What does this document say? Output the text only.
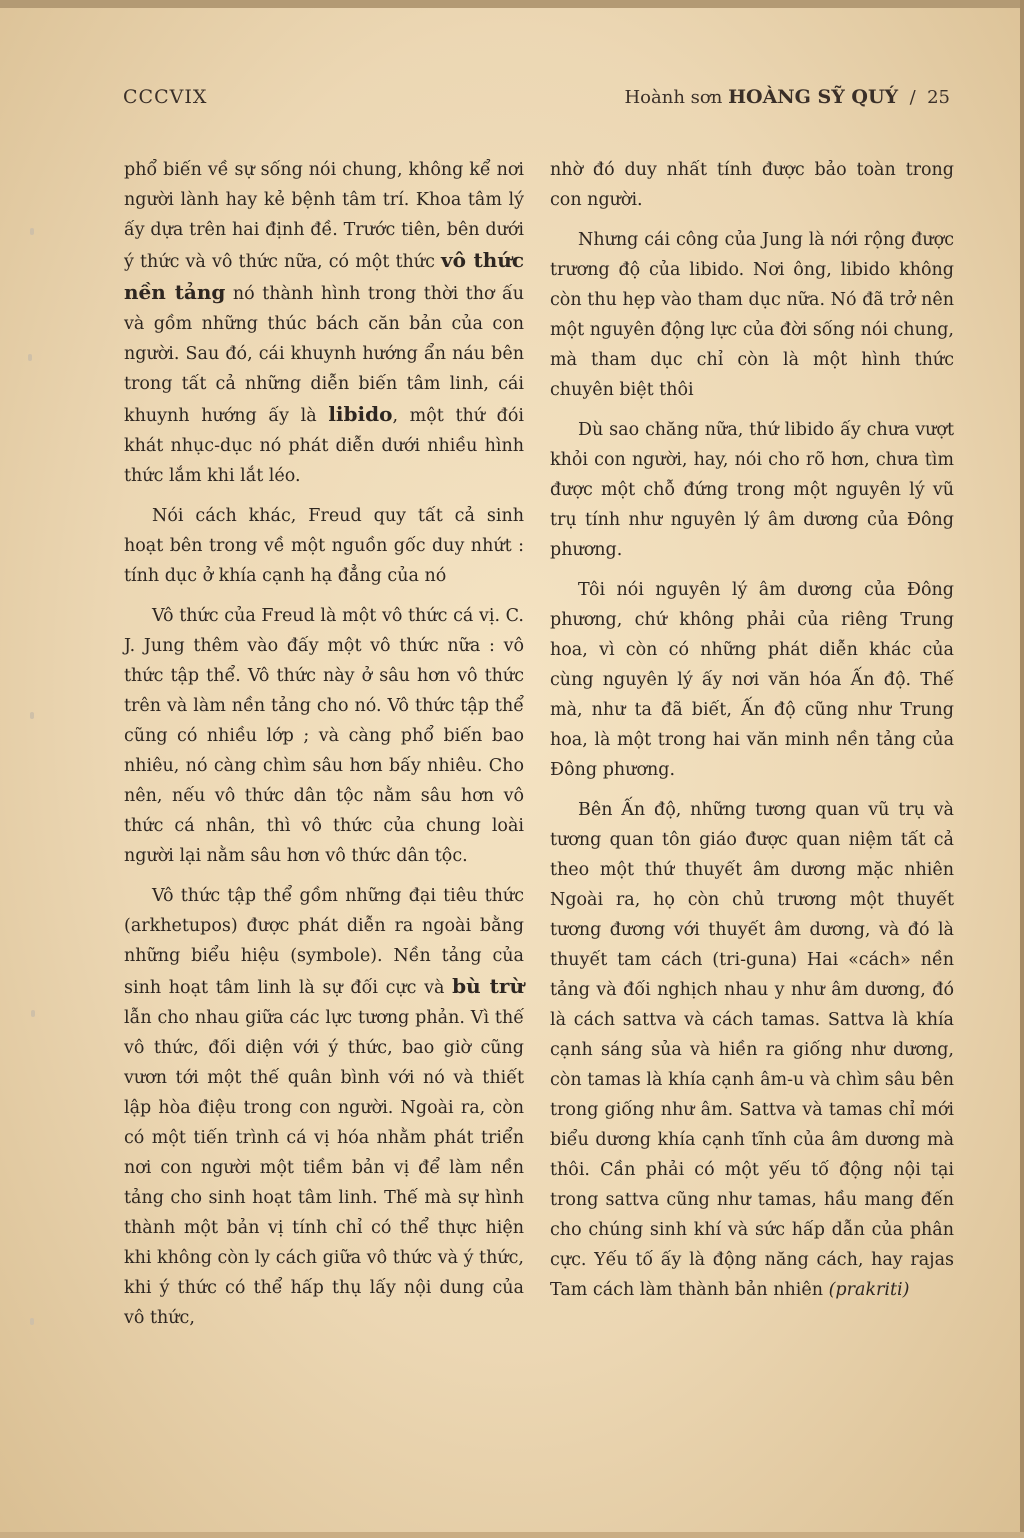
CCCVIX	Hoành sơn HOÀNG SỸ QUÝ / 25

phổ biến về sự sống nói chung, không kể nơi người lành hay kẻ bệnh tâm trí. Khoa tâm lý ấy dựa trên hai định đề. Trước tiên, bên dưới ý thức và vô thức nữa, có một thức vô thức nền tảng nó thành hình trong thời thơ ấu và gồm những thúc bách căn bản của con người. Sau đó, cái khuynh hướng ẩn náu bên trong tất cả những diễn biến tâm linh, cái khuynh hướng ấy là libido, một thứ đói khát nhục-dục nó phát diễn dưới nhiều hình thức lắm khi lắt léo.

Nói cách khác, Freud quy tất cả sinh hoạt bên trong về một nguồn gốc duy nhứt : tính dục ở khía cạnh hạ đẳng của nó

Vô thức của Freud là một vô thức cá vị. C. J. Jung thêm vào đấy một vô thức nữa : vô thức tập thể. Vô thức này ở sâu hơn vô thức trên và làm nền tảng cho nó. Vô thức tập thể cũng có nhiều lớp ; và càng phổ biến bao nhiêu, nó càng chìm sâu hơn bấy nhiêu. Cho nên, nếu vô thức dân tộc nằm sâu hơn vô thức cá nhân, thì vô thức của chung loài người lại nằm sâu hơn vô thức dân tộc.

Vô thức tập thể gồm những đại tiêu thức (arkhetupos) được phát diễn ra ngoài bằng những biểu hiệu (symbole). Nền tảng của sinh hoạt tâm linh là sự đối cực và bù trừ lẫn cho nhau giữa các lực tương phản. Vì thế vô thức, đối diện với ý thức, bao giờ cũng vươn tới một thế quân bình với nó và thiết lập hòa điệu trong con người. Ngoài ra, còn có một tiến trình cá vị hóa nhằm phát triển nơi con người một tiềm bản vị để làm nền tảng cho sinh hoạt tâm linh. Thế mà sự hình thành một bản vị tính chỉ có thể thực hiện khi không còn ly cách giữa vô thức và ý thức, khi ý thức có thể hấp thụ lấy nội dung của vô thức,

nhờ đó duy nhất tính được bảo toàn trong con người.

Nhưng cái công của Jung là nới rộng được trương độ của libido. Nơi ông, libido không còn thu hẹp vào tham dục nữa. Nó đã trở nên một nguyên động lực của đời sống nói chung, mà tham dục chỉ còn là một hình thức chuyên biệt thôi

Dù sao chăng nữa, thứ libido ấy chưa vượt khỏi con người, hay, nói cho rõ hơn, chưa tìm được một chỗ đứng trong một nguyên lý vũ trụ tính như nguyên lý âm dương của Đông phương.

Tôi nói nguyên lý âm dương của Đông phương, chứ không phải của riêng Trung hoa, vì còn có những phát diễn khác của cùng nguyên lý ấy nơi văn hóa Ấn độ. Thế mà, như ta đã biết, Ấn độ cũng như Trung hoa, là một trong hai văn minh nền tảng của Đông phương.

Bên Ấn độ, những tương quan vũ trụ và tương quan tôn giáo được quan niệm tất cả theo một thứ thuyết âm dương mặc nhiên Ngoài ra, họ còn chủ trương một thuyết tương đương với thuyết âm dương, và đó là thuyết tam cách (tri-guna) Hai «cách» nền tảng và đối nghịch nhau y như âm dương, đó là cách sattva và cách tamas. Sattva là khía cạnh sáng sủa và hiền ra giống như dương, còn tamas là khía cạnh âm-u và chìm sâu bên trong giống như âm. Sattva và tamas chỉ mới biểu dương khía cạnh tĩnh của âm dương mà thôi. Cần phải có một yếu tố động nội tại trong sattva cũng như tamas, hầu mang đến cho chúng sinh khí và sức hấp dẫn của phân cực. Yếu tố ấy là động năng cách, hay rajas Tam cách làm thành bản nhiên (prakriti)
